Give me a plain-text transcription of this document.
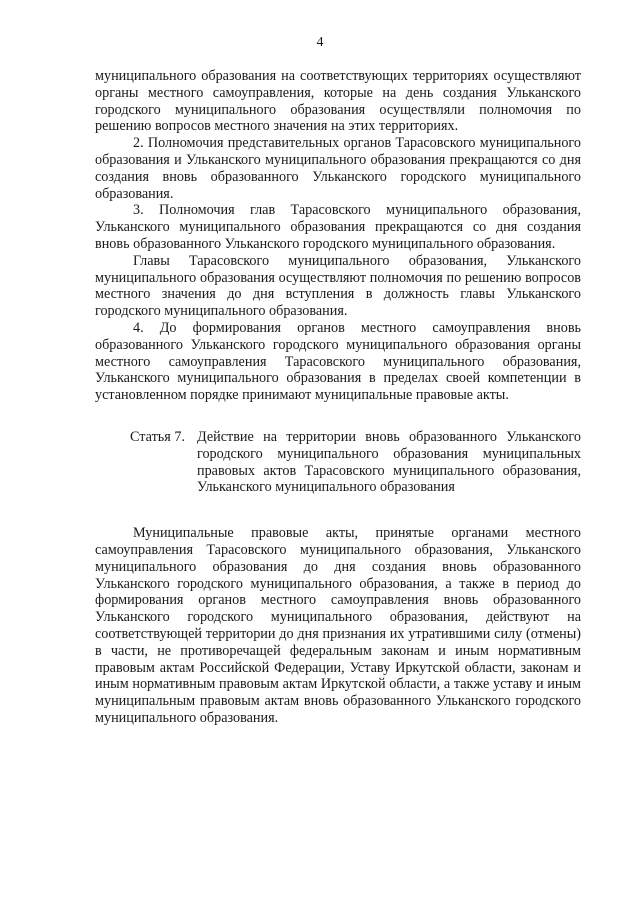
4

муниципального образования на соответствующих территориях осуществляют органы местного самоуправления, которые на день создания Ульканского городского муниципального образования осуществляли полномочия по решению вопросов местного значения на этих территориях.

2. Полномочия представительных органов Тарасовского муниципального образования и Ульканского муниципального образования прекращаются со дня создания вновь образованного Ульканского городского муниципального образования.

3. Полномочия глав Тарасовского муниципального образования, Ульканского муниципального образования прекращаются со дня создания вновь образованного Ульканского городского муниципального образования.

Главы Тарасовского муниципального образования, Ульканского муниципального образования осуществляют полномочия по решению вопросов местного значения до дня вступления в должность главы Ульканского городского муниципального образования.

4. До формирования органов местного самоуправления вновь образованного Ульканского городского муниципального образования органы местного самоуправления Тарасовского муниципального образования, Ульканского муниципального образования в пределах своей компетенции в установленном порядке принимают муниципальные правовые акты.

Статья 7. Действие на территории вновь образованного Ульканского городского муниципального образования муниципальных правовых актов Тарасовского муниципального образования, Ульканского муниципального образования

Муниципальные правовые акты, принятые органами местного самоуправления Тарасовского муниципального образования, Ульканского муниципального образования до дня создания вновь образованного Ульканского городского муниципального образования, а также в период до формирования органов местного самоуправления вновь образованного Ульканского городского муниципального образования, действуют на соответствующей территории до дня признания их утратившими силу (отмены) в части, не противоречащей федеральным законам и иным нормативным правовым актам Российской Федерации, Уставу Иркутской области, законам и иным нормативным правовым актам Иркутской области, а также уставу и иным муниципальным правовым актам вновь образованного Ульканского городского муниципального образования.
